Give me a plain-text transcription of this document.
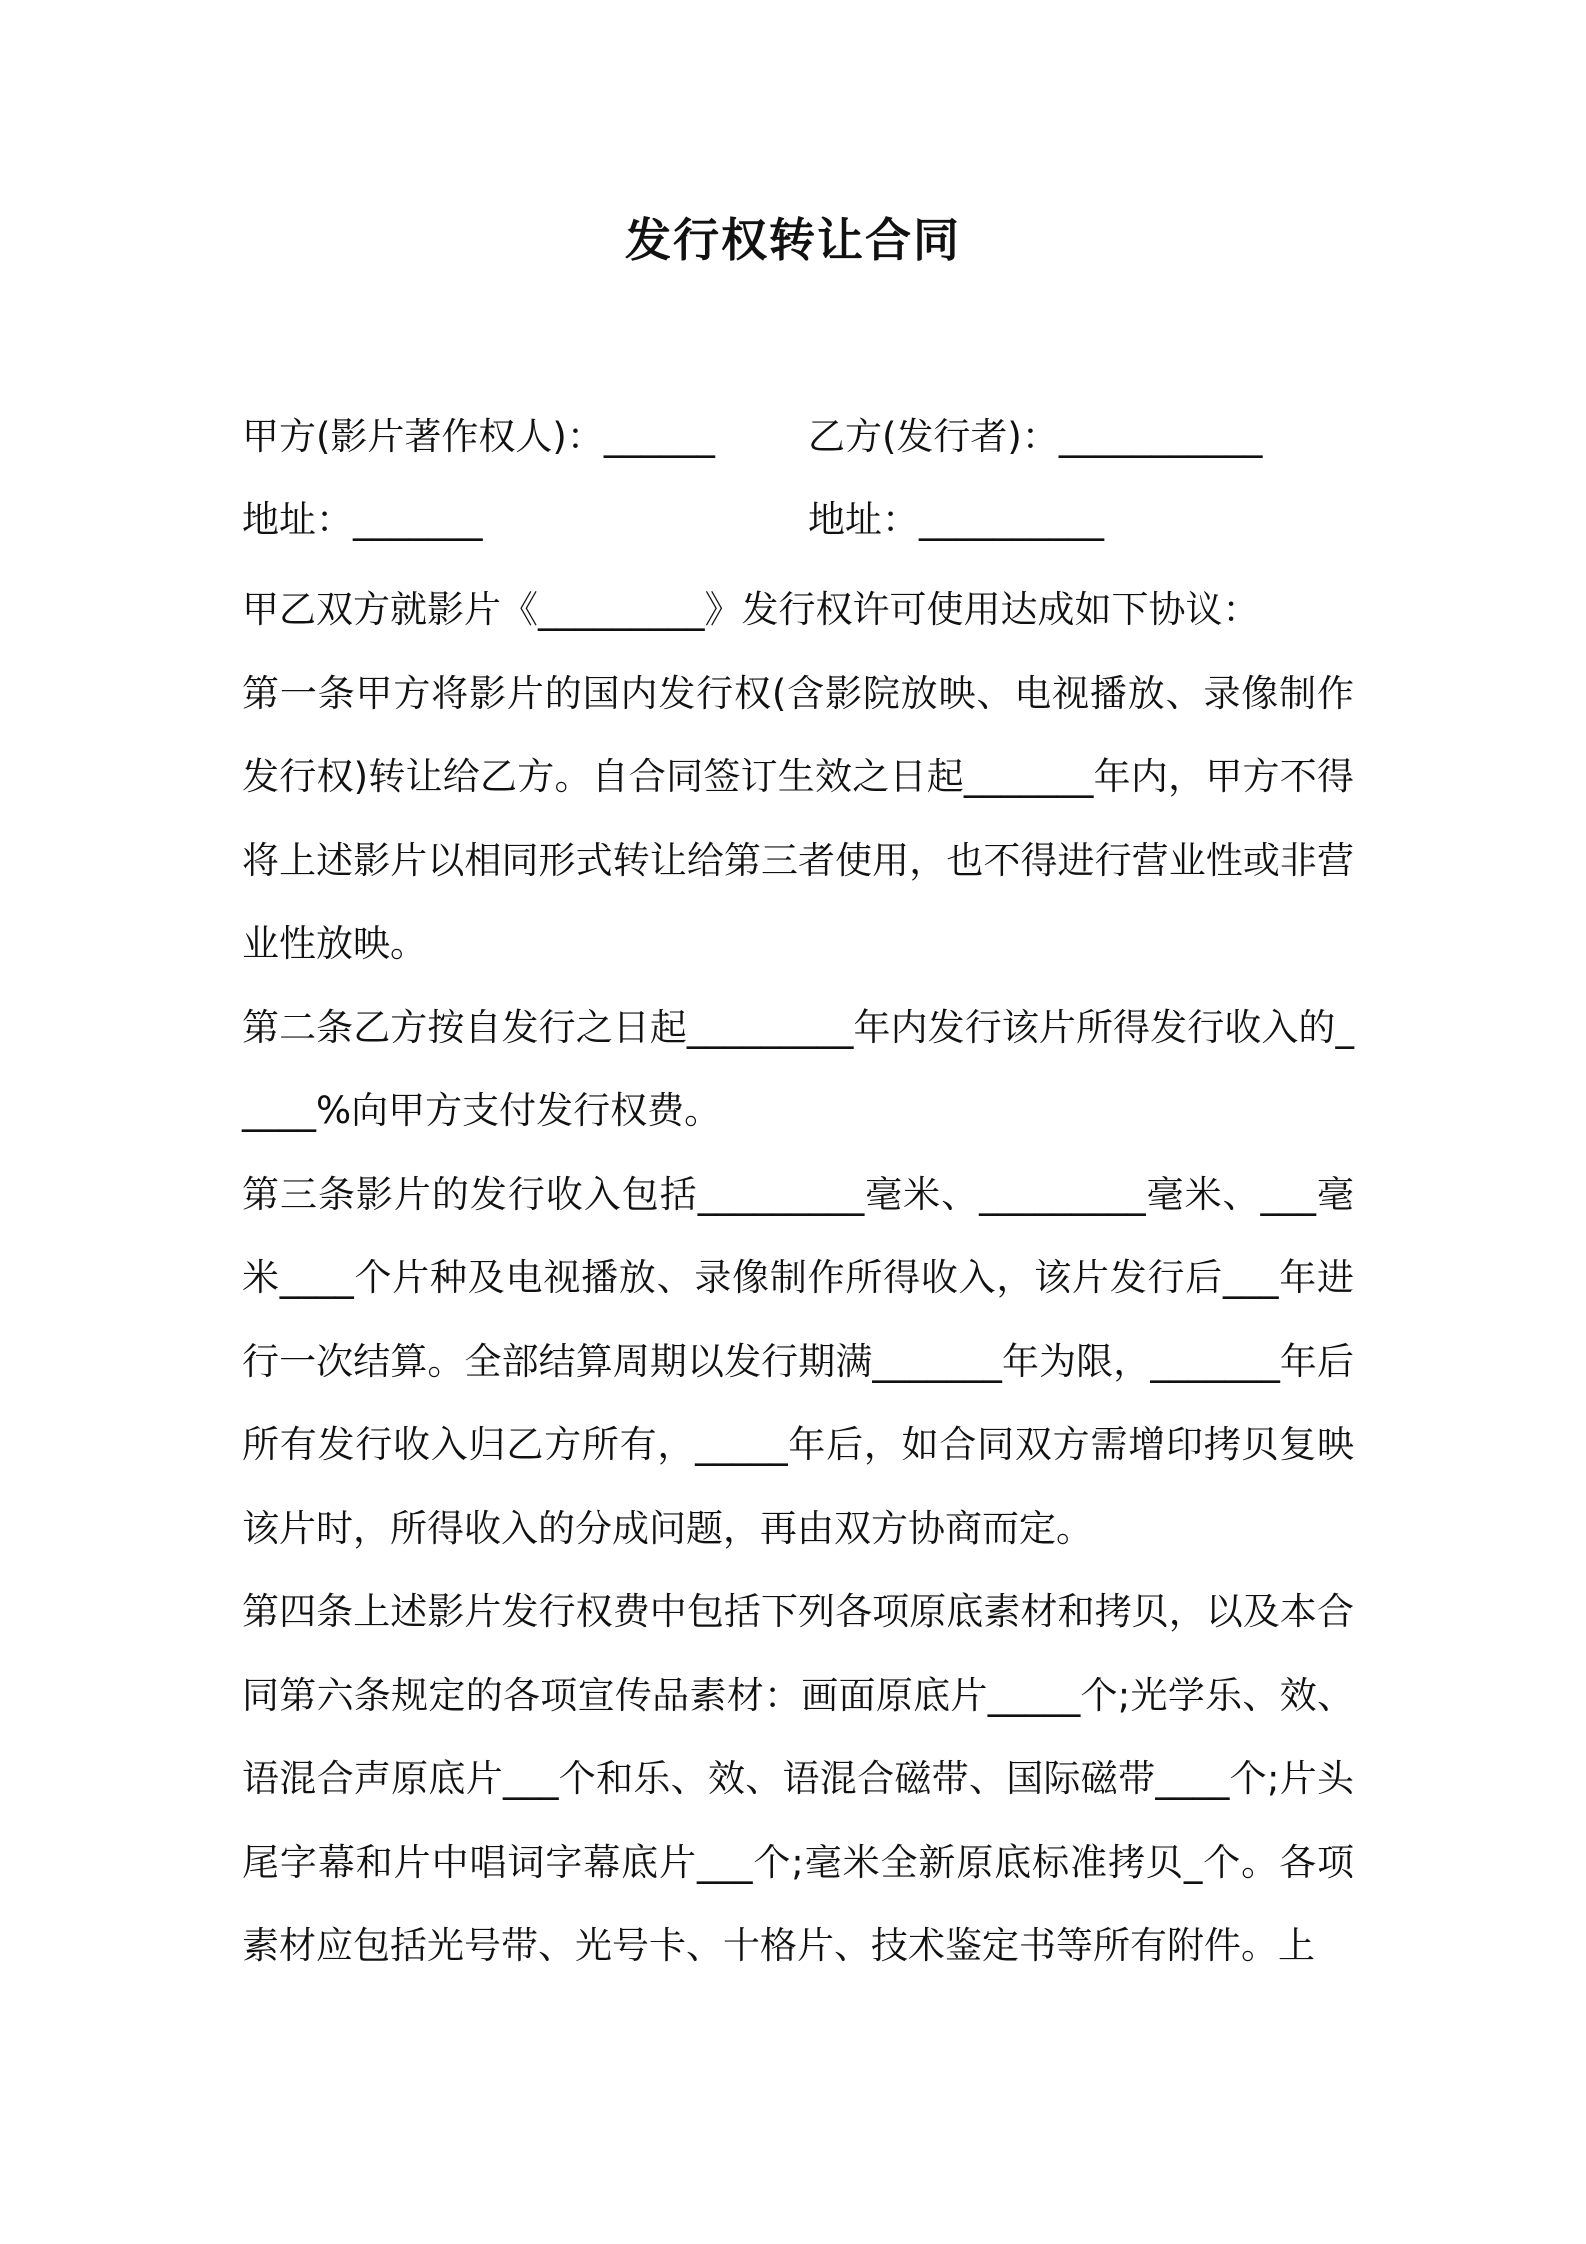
发行权转让合同
甲方(影片著作权人)：______	乙方(发行者)：___________
地址：_______	地址：__________

甲乙双方就影片《_________》发行权许可使用达成如下协议：

第一条甲方将影片的国内发行权(含影院放映、电视播放、录像制作发行权)转让给乙方。自合同签订生效之日起_______年内，甲方不得将上述影片以相同形式转让给第三者使用，也不得进行营业性或非营业性放映。

第二条乙方按自发行之日起_________年内发行该片所得发行收入的_____%向甲方支付发行权费。

第三条影片的发行收入包括_________毫米、_________毫米、___毫米____个片种及电视播放、录像制作所得收入，该片发行后___年进行一次结算。全部结算周期以发行期满_______年为限，_______年后所有发行收入归乙方所有，_____年后，如合同双方需增印拷贝复映该片时，所得收入的分成问题，再由双方协商而定。

第四条上述影片发行权费中包括下列各项原底素材和拷贝，以及本合同第六条规定的各项宣传品素材：画面原底片_____个;光学乐、效、语混合声原底片___个和乐、效、语混合磁带、国际磁带____个;片头尾字幕和片中唱词字幕底片___个;毫米全新原底标准拷贝_个。各项素材应包括光号带、光号卡、十格片、技术鉴定书等所有附件。上
